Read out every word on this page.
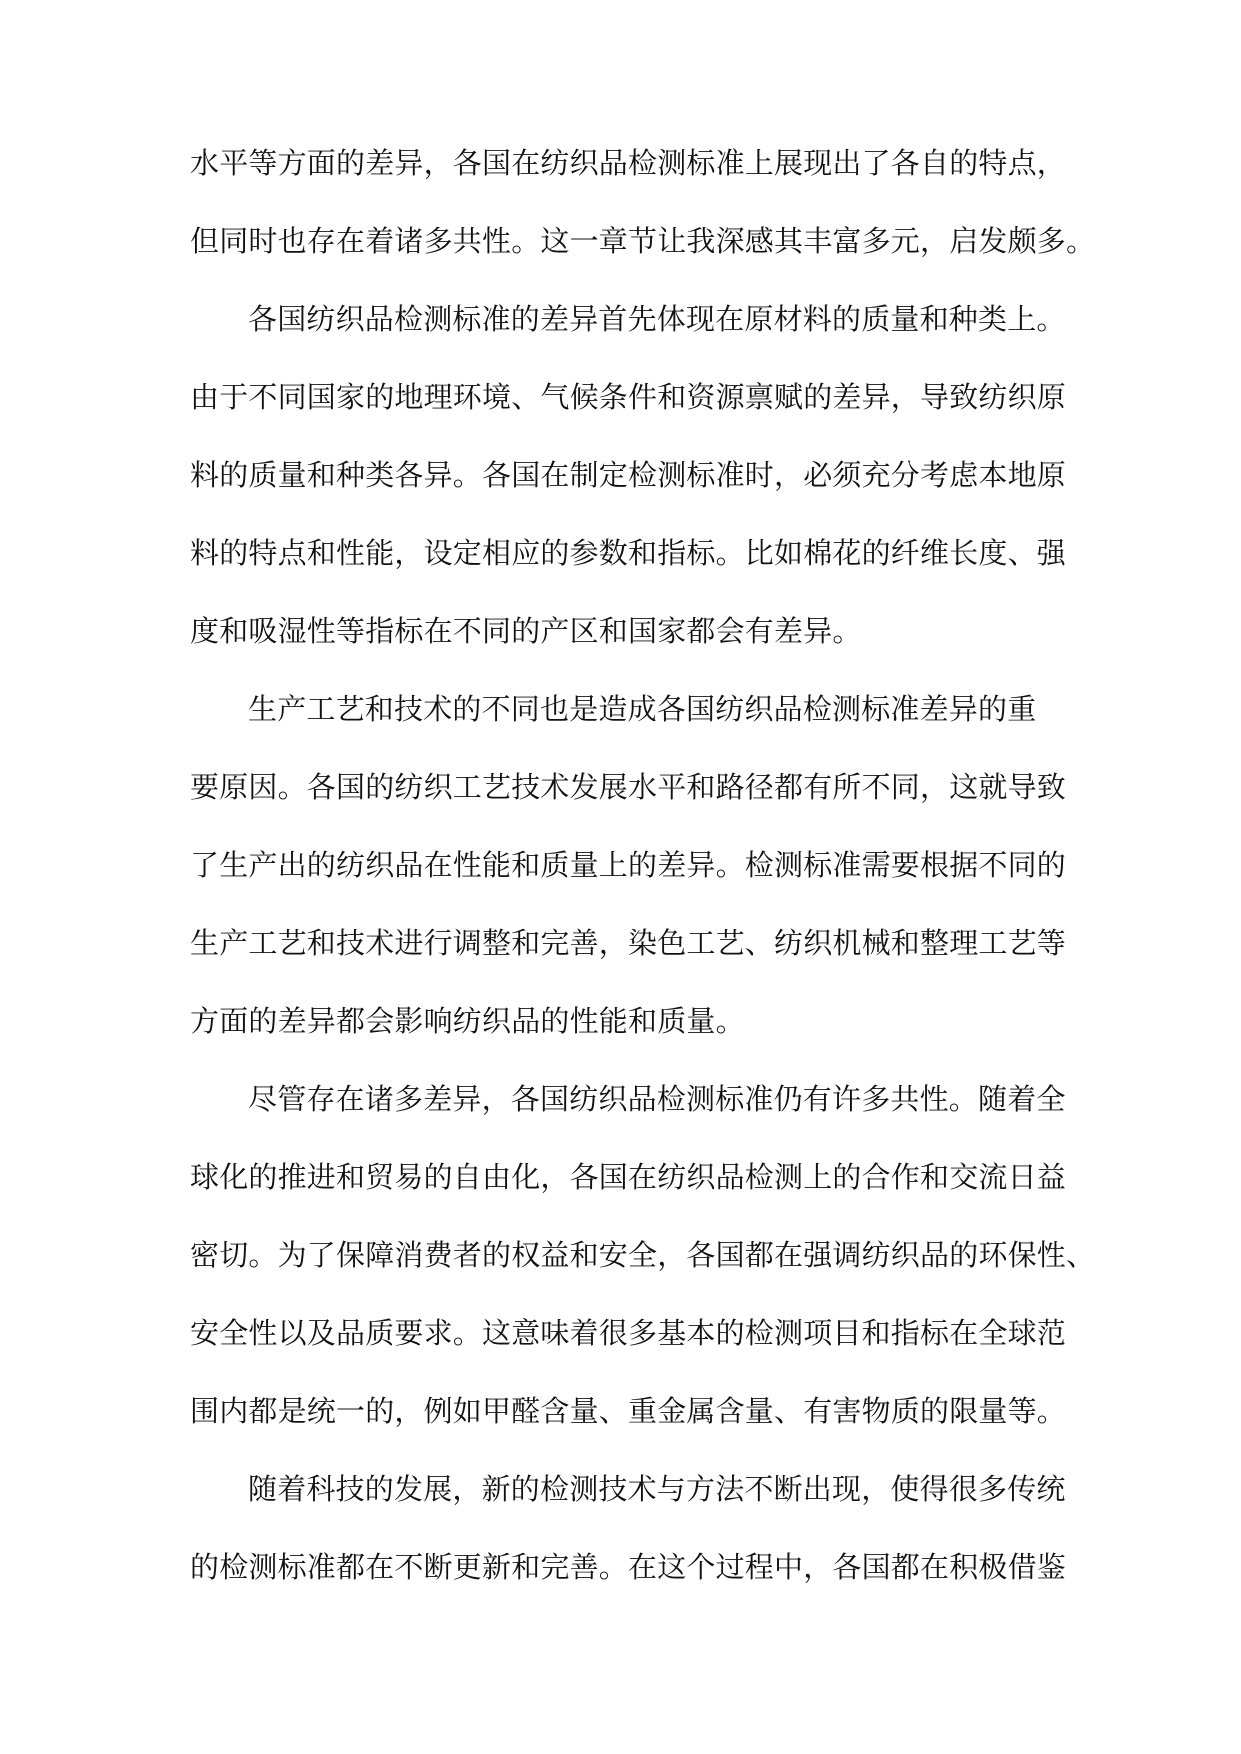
水平等方面的差异，各国在纺织品检测标准上展现出了各自的特点，
但同时也存在着诸多共性。这一章节让我深感其丰富多元，启发颇多。
各国纺织品检测标准的差异首先体现在原材料的质量和种类上。
由于不同国家的地理环境、气候条件和资源禀赋的差异，导致纺织原
料的质量和种类各异。各国在制定检测标准时，必须充分考虑本地原
料的特点和性能，设定相应的参数和指标。比如棉花的纤维长度、强
度和吸湿性等指标在不同的产区和国家都会有差异。
生产工艺和技术的不同也是造成各国纺织品检测标准差异的重
要原因。各国的纺织工艺技术发展水平和路径都有所不同，这就导致
了生产出的纺织品在性能和质量上的差异。检测标准需要根据不同的
生产工艺和技术进行调整和完善，染色工艺、纺织机械和整理工艺等
方面的差异都会影响纺织品的性能和质量。
尽管存在诸多差异，各国纺织品检测标准仍有许多共性。随着全
球化的推进和贸易的自由化，各国在纺织品检测上的合作和交流日益
密切。为了保障消费者的权益和安全，各国都在强调纺织品的环保性、
安全性以及品质要求。这意味着很多基本的检测项目和指标在全球范
围内都是统一的，例如甲醛含量、重金属含量、有害物质的限量等。
随着科技的发展，新的检测技术与方法不断出现，使得很多传统
的检测标准都在不断更新和完善。在这个过程中，各国都在积极借鉴
